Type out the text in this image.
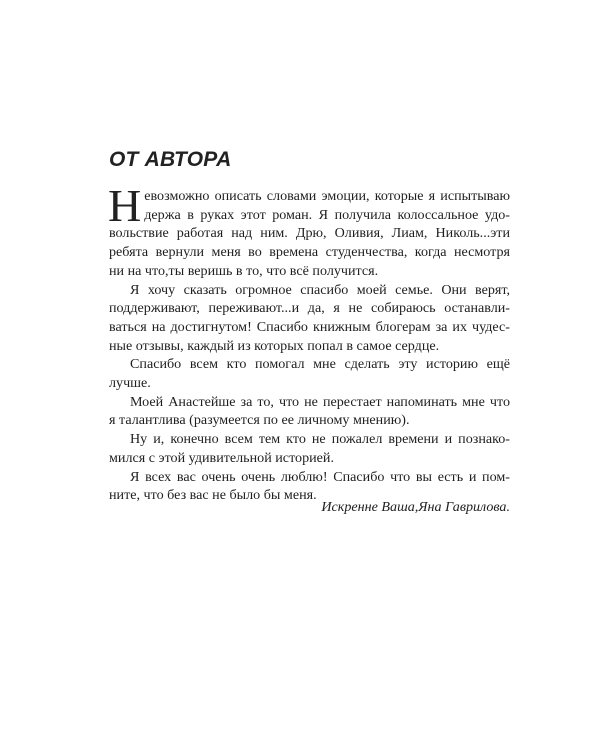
ОТ АВТОРА

Н евозможно описать словами эмоции, которые я испытываю
держа в руках этот роман. Я получила колоссальное удо-
вольствие работая над ним. Дрю, Оливия, Лиам, Николь...эти
ребята вернули меня во времена студенчества, когда несмотря
ни на что,ты веришь в то, что всё получится.

Я хочу сказать огромное спасибо моей семье. Они верят,
поддерживают, переживают...и да, я не собираюсь останавли-
ваться на достигнутом! Спасибо книжным блогерам за их чудес-
ные отзывы, каждый из которых попал в самое сердце.

Спасибо всем кто помогал мне сделать эту историю ещё
лучше.

Моей Анастейше за то, что не перестает напоминать мне что
я талантлива (разумеется по ее личному мнению).

Ну и, конечно всем тем кто не пожалел времени и познако-
мился с этой удивительной историей.

Я всех вас очень очень люблю! Спасибо что вы есть и пом-
ните, что без вас не было бы меня.

Искренне Ваша,Яна Гаврилова.
